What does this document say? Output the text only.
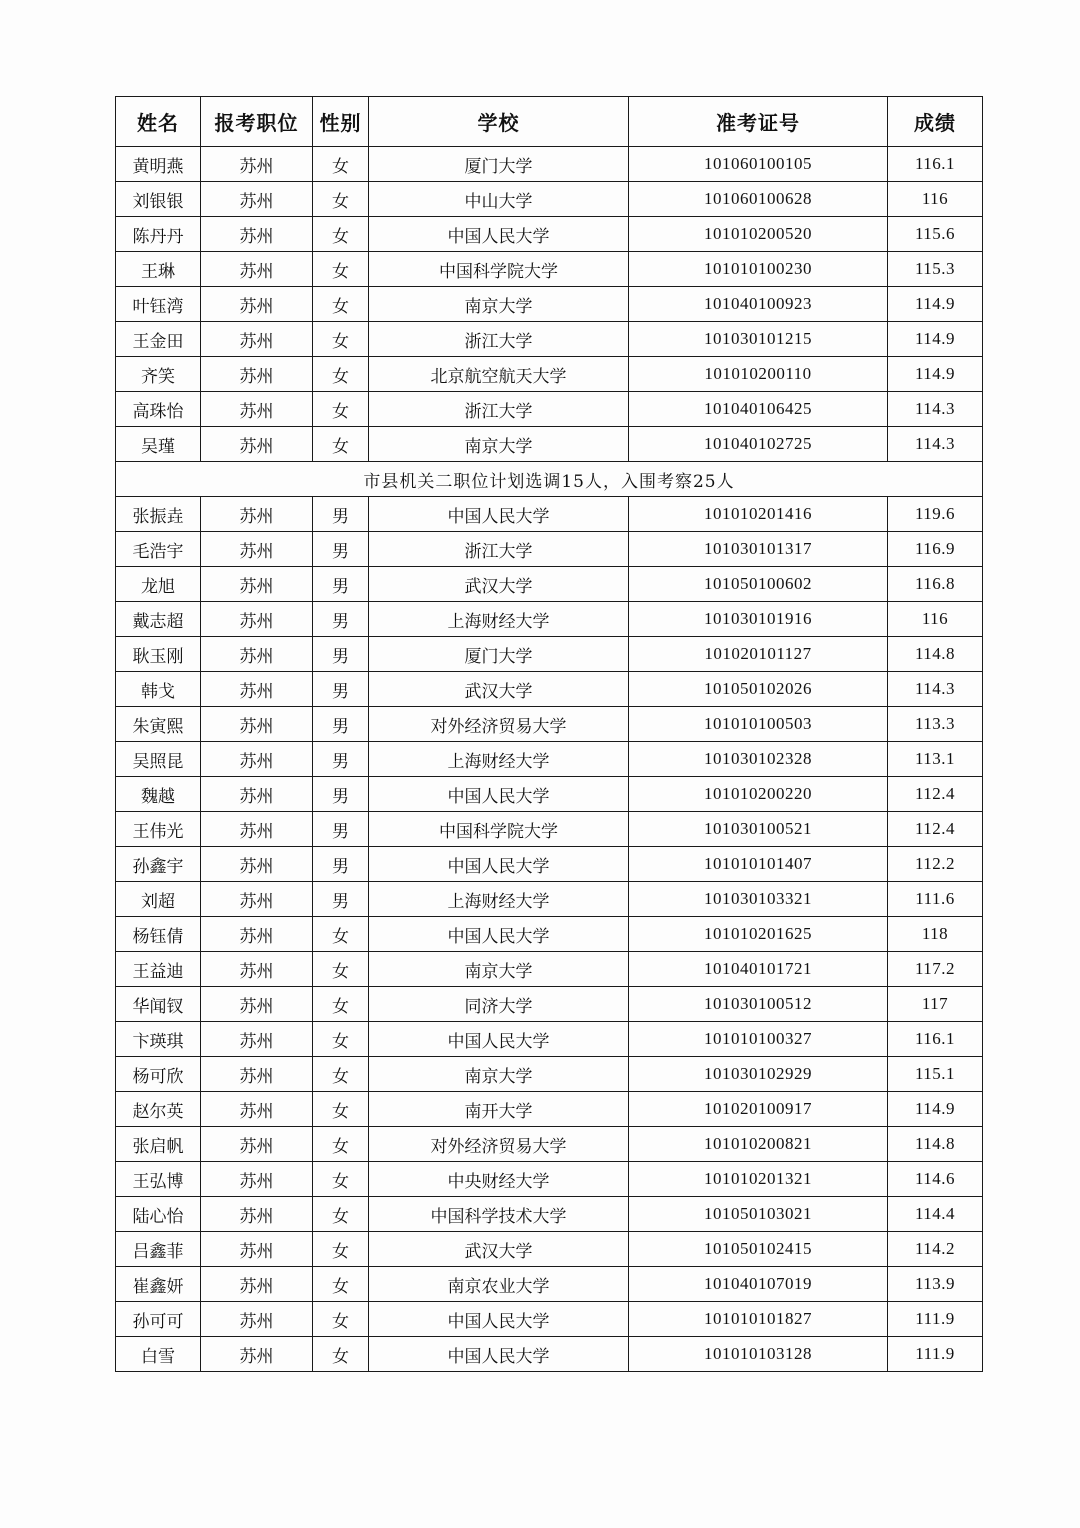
姓名	报考职位	性别	学校	准考证号	成绩
黄明燕	苏州	女	厦门大学	101060100105	116.1
刘银银	苏州	女	中山大学	101060100628	116
陈丹丹	苏州	女	中国人民大学	101010200520	115.6
王琳	苏州	女	中国科学院大学	101010100230	115.3
叶钰湾	苏州	女	南京大学	101040100923	114.9
王金田	苏州	女	浙江大学	101030101215	114.9
齐笑	苏州	女	北京航空航天大学	101010200110	114.9
高珠怡	苏州	女	浙江大学	101040106425	114.3
吴瑾	苏州	女	南京大学	101040102725	114.3
市县机关二职位计划选调15人，入围考察25人					
张振垚	苏州	男	中国人民大学	101010201416	119.6
毛浩宇	苏州	男	浙江大学	101030101317	116.9
龙旭	苏州	男	武汉大学	101050100602	116.8
戴志超	苏州	男	上海财经大学	101030101916	116
耿玉刚	苏州	男	厦门大学	101020101127	114.8
韩戈	苏州	男	武汉大学	101050102026	114.3
朱寅熙	苏州	男	对外经济贸易大学	101010100503	113.3
吴照昆	苏州	男	上海财经大学	101030102328	113.1
魏越	苏州	男	中国人民大学	101010200220	112.4
王伟光	苏州	男	中国科学院大学	101030100521	112.4
孙鑫宇	苏州	男	中国人民大学	101010101407	112.2
刘超	苏州	男	上海财经大学	101030103321	111.6
杨钰倩	苏州	女	中国人民大学	101010201625	118
王益迪	苏州	女	南京大学	101040101721	117.2
华闻钗	苏州	女	同济大学	101030100512	117
卞瑛琪	苏州	女	中国人民大学	101010100327	116.1
杨可欣	苏州	女	南京大学	101030102929	115.1
赵尔英	苏州	女	南开大学	101020100917	114.9
张启帆	苏州	女	对外经济贸易大学	101010200821	114.8
王弘博	苏州	女	中央财经大学	101010201321	114.6
陆心怡	苏州	女	中国科学技术大学	101050103021	114.4
吕鑫菲	苏州	女	武汉大学	101050102415	114.2
崔鑫妍	苏州	女	南京农业大学	101040107019	113.9
孙可可	苏州	女	中国人民大学	101010101827	111.9
白雪	苏州	女	中国人民大学	101010103128	111.9
